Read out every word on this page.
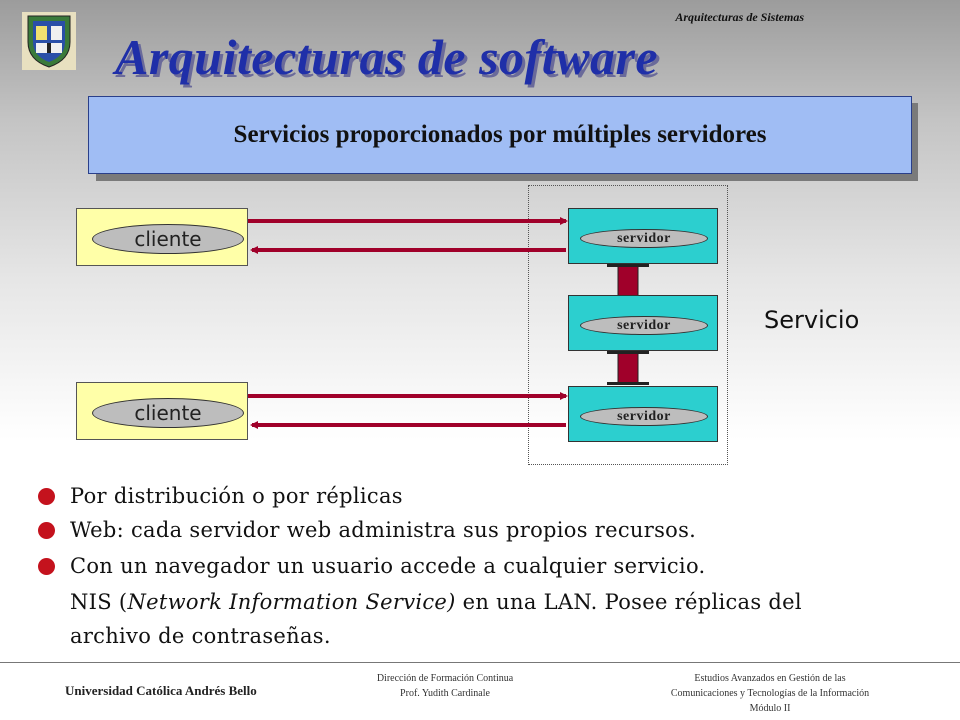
Arquitecturas de Sistemas
Arquitecturas de software
Servicios proporcionados por múltiples servidores
cliente
cliente
servidor
servidor
servidor
Servicio
Por distribución o por réplicas
Web: cada servidor web administra sus propios recursos.
Con un navegador un usuario accede a cualquier servicio.
NIS (Network Information Service) en una LAN. Posee réplicas del
archivo de contraseñas.
Universidad Católica Andrés Bello
Dirección de Formación Continua
Prof. Yudith Cardinale
Estudios Avanzados en Gestión de las
Comunicaciones y Tecnologías de la Información
Módulo II
